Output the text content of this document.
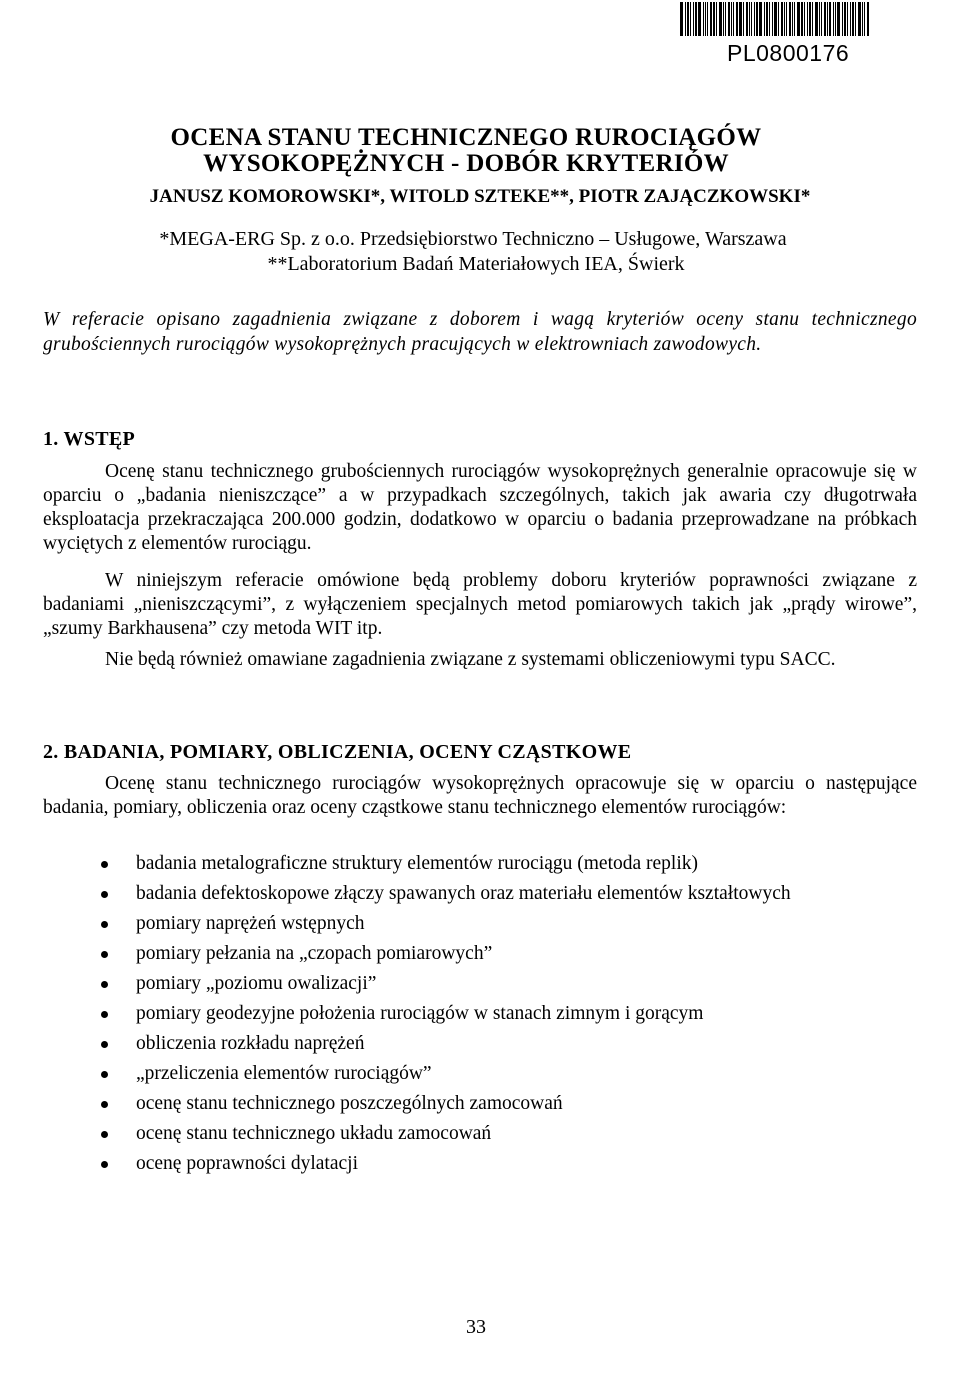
PL0800176
OCENA STANU TECHNICZNEGO RUROCIĄGÓW
WYSOKOPĘŻNYCH - DOBÓR KRYTERIÓW
JANUSZ KOMOROWSKI*, WITOLD SZTEKE**, PIOTR ZAJĄCZKOWSKI*
*MEGA-ERG Sp. z o.o. Przedsiębiorstwo Techniczno – Usługowe, Warszawa
**Laboratorium Badań Materiałowych IEA, Świerk
W referacie opisano zagadnienia związane z doborem i wagą kryteriów oceny stanu technicznego grubościennych rurociągów wysokoprężnych pracujących w elektrowniach zawodowych.
1. WSTĘP
Ocenę stanu technicznego grubościennych rurociągów wysokoprężnych generalnie opracowuje się w oparciu o „badania nieniszczące” a w przypadkach szczególnych, takich jak awaria czy długotrwała eksploatacja przekraczająca 200.000 godzin, dodatkowo w oparciu o badania przeprowadzane na próbkach wyciętych z elementów rurociągu.
W niniejszym referacie omówione będą problemy doboru kryteriów poprawności związane z badaniami „nieniszczącymi”, z wyłączeniem specjalnych metod pomiarowych takich jak „prądy wirowe”, „szumy Barkhausena” czy metoda WIT itp.
Nie będą również omawiane zagadnienia związane z systemami obliczeniowymi typu SACC.
2. BADANIA, POMIARY, OBLICZENIA, OCENY CZĄSTKOWE
Ocenę stanu technicznego rurociągów wysokoprężnych opracowuje się w oparciu o następujące badania, pomiary, obliczenia oraz oceny cząstkowe stanu technicznego elementów rurociągów:
badania metalograficzne struktury elementów rurociągu (metoda replik)
badania defektoskopowe złączy spawanych oraz materiału elementów kształtowych
pomiary naprężeń wstępnych
pomiary pełzania na „czopach pomiarowych”
pomiary „poziomu owalizacji”
pomiary geodezyjne położenia rurociągów w stanach zimnym i gorącym
obliczenia rozkładu naprężeń
„przeliczenia elementów rurociągów”
ocenę stanu technicznego poszczególnych zamocowań
ocenę stanu technicznego układu zamocowań
ocenę poprawności dylatacji
33
